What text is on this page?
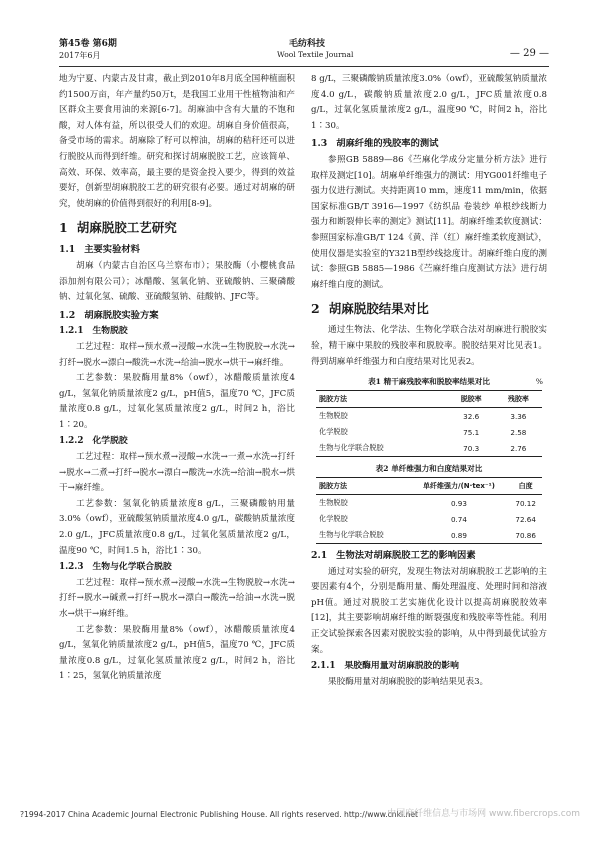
第45卷 第6期
2017年6月
毛纺科技
Wool Textile Journal	— 29 —

地为宁夏、内蒙古及甘肃，截止到2010年8月底全国种植面积约1500万亩，年产量约50万t，是我国工业用干性植物油和产区群众主要食用油的来源[6-7]。胡麻油中含有大量的不饱和酸，对人体有益，所以很受人们的欢迎。胡麻自身价值很高，备受市场的需求。胡麻除了籽可以榨油，胡麻的秸秆还可以进行脱胶从而得到纤维。研究和探讨胡麻脱胶工艺，应该简单、高效、环保、效率高，最主要的是资金投入要少，得到的效益要好，创新型胡麻脱胶工艺的研究很有必要。通过对胡麻的研究，使胡麻的价值得到很好的利用[8-9]。

1 胡麻脱胶工艺研究
1.1 主要实验材料

胡麻（内蒙古自治区乌兰察布市）；果胶酶（小樱桃食品添加剂有限公司）；冰醋酸、氢氧化钠、亚硫酸钠、三聚磷酸钠、过氧化氢、硫酸、亚硫酸氢钠、硅酸钠、JFC等。

1.2 胡麻脱胶实验方案
1.2.1 生物脱胶

工艺过程：取样→预水煮→浸酸→水洗→生物脱胶→水洗→打纤→脱水→漂白→酸洗→水洗→给油→脱水→烘干→麻纤维。

工艺参数：果胶酶用量8%（owf），冰醋酸质量浓度4 g/L，氢氧化钠质量浓度2 g/L，pH值5，温度70 ℃，JFC质量浓度0.8 g/L，过氧化氢质量浓度2 g/L，时间2 h，浴比1∶20。

1.2.2 化学脱胶

工艺过程：取样→预水煮→浸酸→水洗→一煮→水洗→打纤→脱水→二煮→打纤→脱水→漂白→酸洗→水洗→给油→脱水→烘干→麻纤维。

工艺参数：氢氧化钠质量浓度8 g/L，三聚磷酸钠用量3.0%（owf），亚硫酸氢钠质量浓度4.0 g/L，碳酸钠质量浓度2.0 g/L，JFC质量浓度0.8 g/L，过氧化氢质量浓度2 g/L，温度90 ℃，时间1.5 h，浴比1∶30。

1.2.3 生物与化学联合脱胶

工艺过程：取样→预水煮→浸酸→水洗→生物脱胶→水洗→打纤→脱水→碱煮→打纤→脱水→漂白→酸洗→给油→水洗→脱水→烘干→麻纤维。

工艺参数：果胶酶用量8%（owf），冰醋酸质量浓度4 g/L，氢氧化钠质量浓度2 g/L，pH值5，温度70 ℃，JFC质量浓度0.8 g/L，过氧化氢质量浓度2 g/L，时间2 h，浴比1∶25，氢氧化钠质量浓度

8 g/L，三聚磷酸钠质量浓度3.0%（owf），亚硫酸氢钠质量浓度4.0 g/L，碳酸钠质量浓度2.0 g/L，JFC质量浓度0.8 g/L，过氧化氢质量浓度2 g/L，温度90 ℃，时间2 h，浴比1∶30。

1.3 胡麻纤维的残胶率的测试

参照GB 5889—86《苎麻化学成分定量分析方法》进行取样及测定[10]。胡麻单纤维强力的测试：用YG001纤维电子强力仪进行测试。夹持距离10 mm，速度11 mm/min，依据国家标准GB/T 3916—1997《纺织品 卷装纱 单根纱线断力强力和断裂伸长率的测定》测试[11]。胡麻纤维柔软度测试：参照国家标准GB/T 124《黄、洋（红）麻纤维柔软度测试》，使用仪器是实验室的Y321B型纱线捻度计。胡麻纤维白度的测试：参照GB 5885—1986《苎麻纤维白度测试方法》进行胡麻纤维白度的测试。

2 胡麻脱胶结果对比

通过生物法、化学法、生物化学联合法对胡麻进行脱胶实验，精干麻中果胶的残胶率和脱胶率。脱胶结果对比见表1。得到胡麻单纤维强力和白度结果对比见表2。

表1 精干麻残胶率和脱胶率结果对比	%
脱胶方法	脱胶率	残胶率
生物脱胶	32.6	3.36
化学脱胶	75.1	2.58
生物与化学联合脱胶	70.3	2.76
表2 单纤维强力和白度结果对比
脱胶方法	单纤维强力/(N·tex⁻¹)	白度
生物脱胶	0.93	70.12
化学脱胶	0.74	72.64
生物与化学联合脱胶	0.89	70.86
2.1 生物法对胡麻脱胶工艺的影响因素

通过对实验的研究，发现生物法对胡麻脱胶工艺影响的主要因素有4个，分别是酶用量、酶处理温度、处理时间和溶液pH值。通过对脱胶工艺实施优化设计以提高胡麻脱胶效率[12]，其主要影响胡麻纤维的断裂强度和残胶率等性能。利用正交试验探索各因素对脱胶实验的影响，从中得到最优试验方案。

2.1.1 果胶酶用量对胡麻脱胶的影响

果胶酶用量对胡麻脱胶的影响结果见表3。

?1994-2017 China Academic Journal Electronic Publishing House. All rights reserved. http://www.cnki.net
中国麻纤维信息与市场网 www.fibercrops.com
